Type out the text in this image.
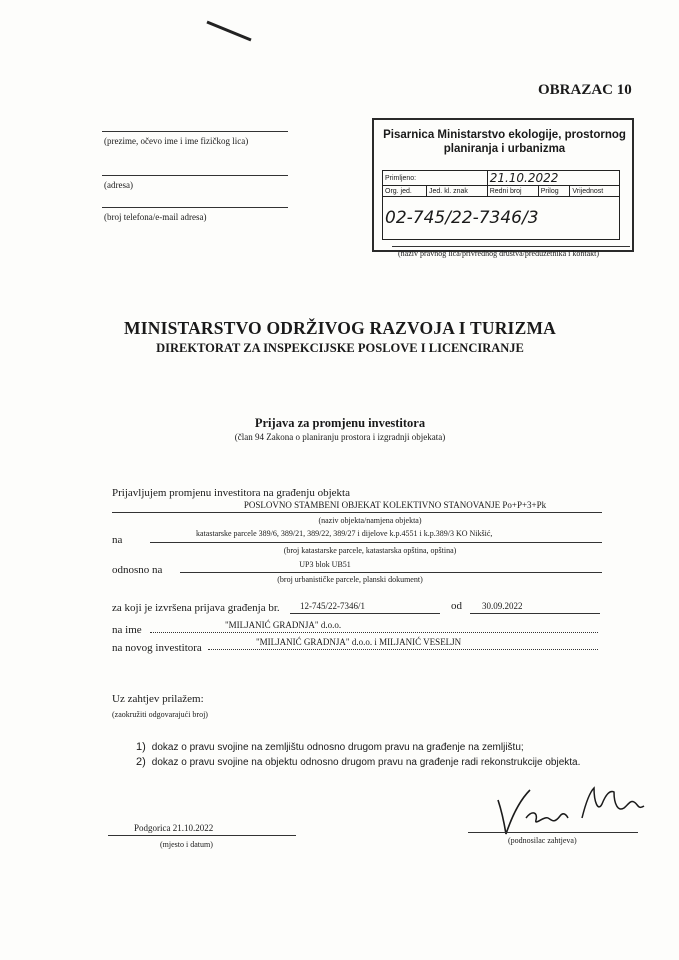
OBRAZAC 10
(prezime, očevo ime i ime fizičkog lica)
(adresa)
(broj telefona/e-mail adresa)
Pisarnica Ministarstvo ekologije, prostornog
planiranja i urbanizma
Primljeno:		21.10.2022		
Org. jed.	Jed. kl. znak	Redni broj	Prilog	Vrijednost
02-745/22-7346/3				
(naziv pravnog lica/privrednog društva/preduzetnika i kontakt)
MINISTARSTVO ODRŽIVOG RAZVOJA I TURIZMA
DIREKTORAT ZA INSPEKCIJSKE POSLOVE I LICENCIRANJE
Prijava za promjenu investitora
(član 94 Zakona o planiranju prostora i izgradnji objekata)
Prijavljujem promjenu investitora na građenju objekta
POSLOVNO STAMBENI OBJEKAT KOLEKTIVNO STANOVANJE Po+P+3+Pk
(naziv objekta/namjena objekta)
na
katastarske parcele 389/6, 389/21, 389/22, 389/27 i dijelove k.p.4551 i k.p.389/3 KO Nikšić,
(broj katastarske parcele, katastarska opština, opština)
odnosno na	UP3 blok UB51
(broj urbanističke parcele, planski dokument)
za koji je izvršena prijava građenja br. 12-745/22-7346/1	od 30.09.2022
na ime	"MILJANIĆ GRADNJA" d.o.o.
na novog investitora	"MILJANIĆ GRADNJA" d.o.o. i MILJANIĆ VESELJN
Uz zahtjev prilažem:
(zaokružiti odgovarajući broj)
1) dokaz o pravu svojine na zemljištu odnosno drugom pravu na građenje na zemljištu;
2) dokaz o pravu svojine na objektu odnosno drugom pravu na građenje radi rekonstrukcije objekta.
Podgorica 21.10.2022
(mjesto i datum)	(podnosilac zahtjeva)
